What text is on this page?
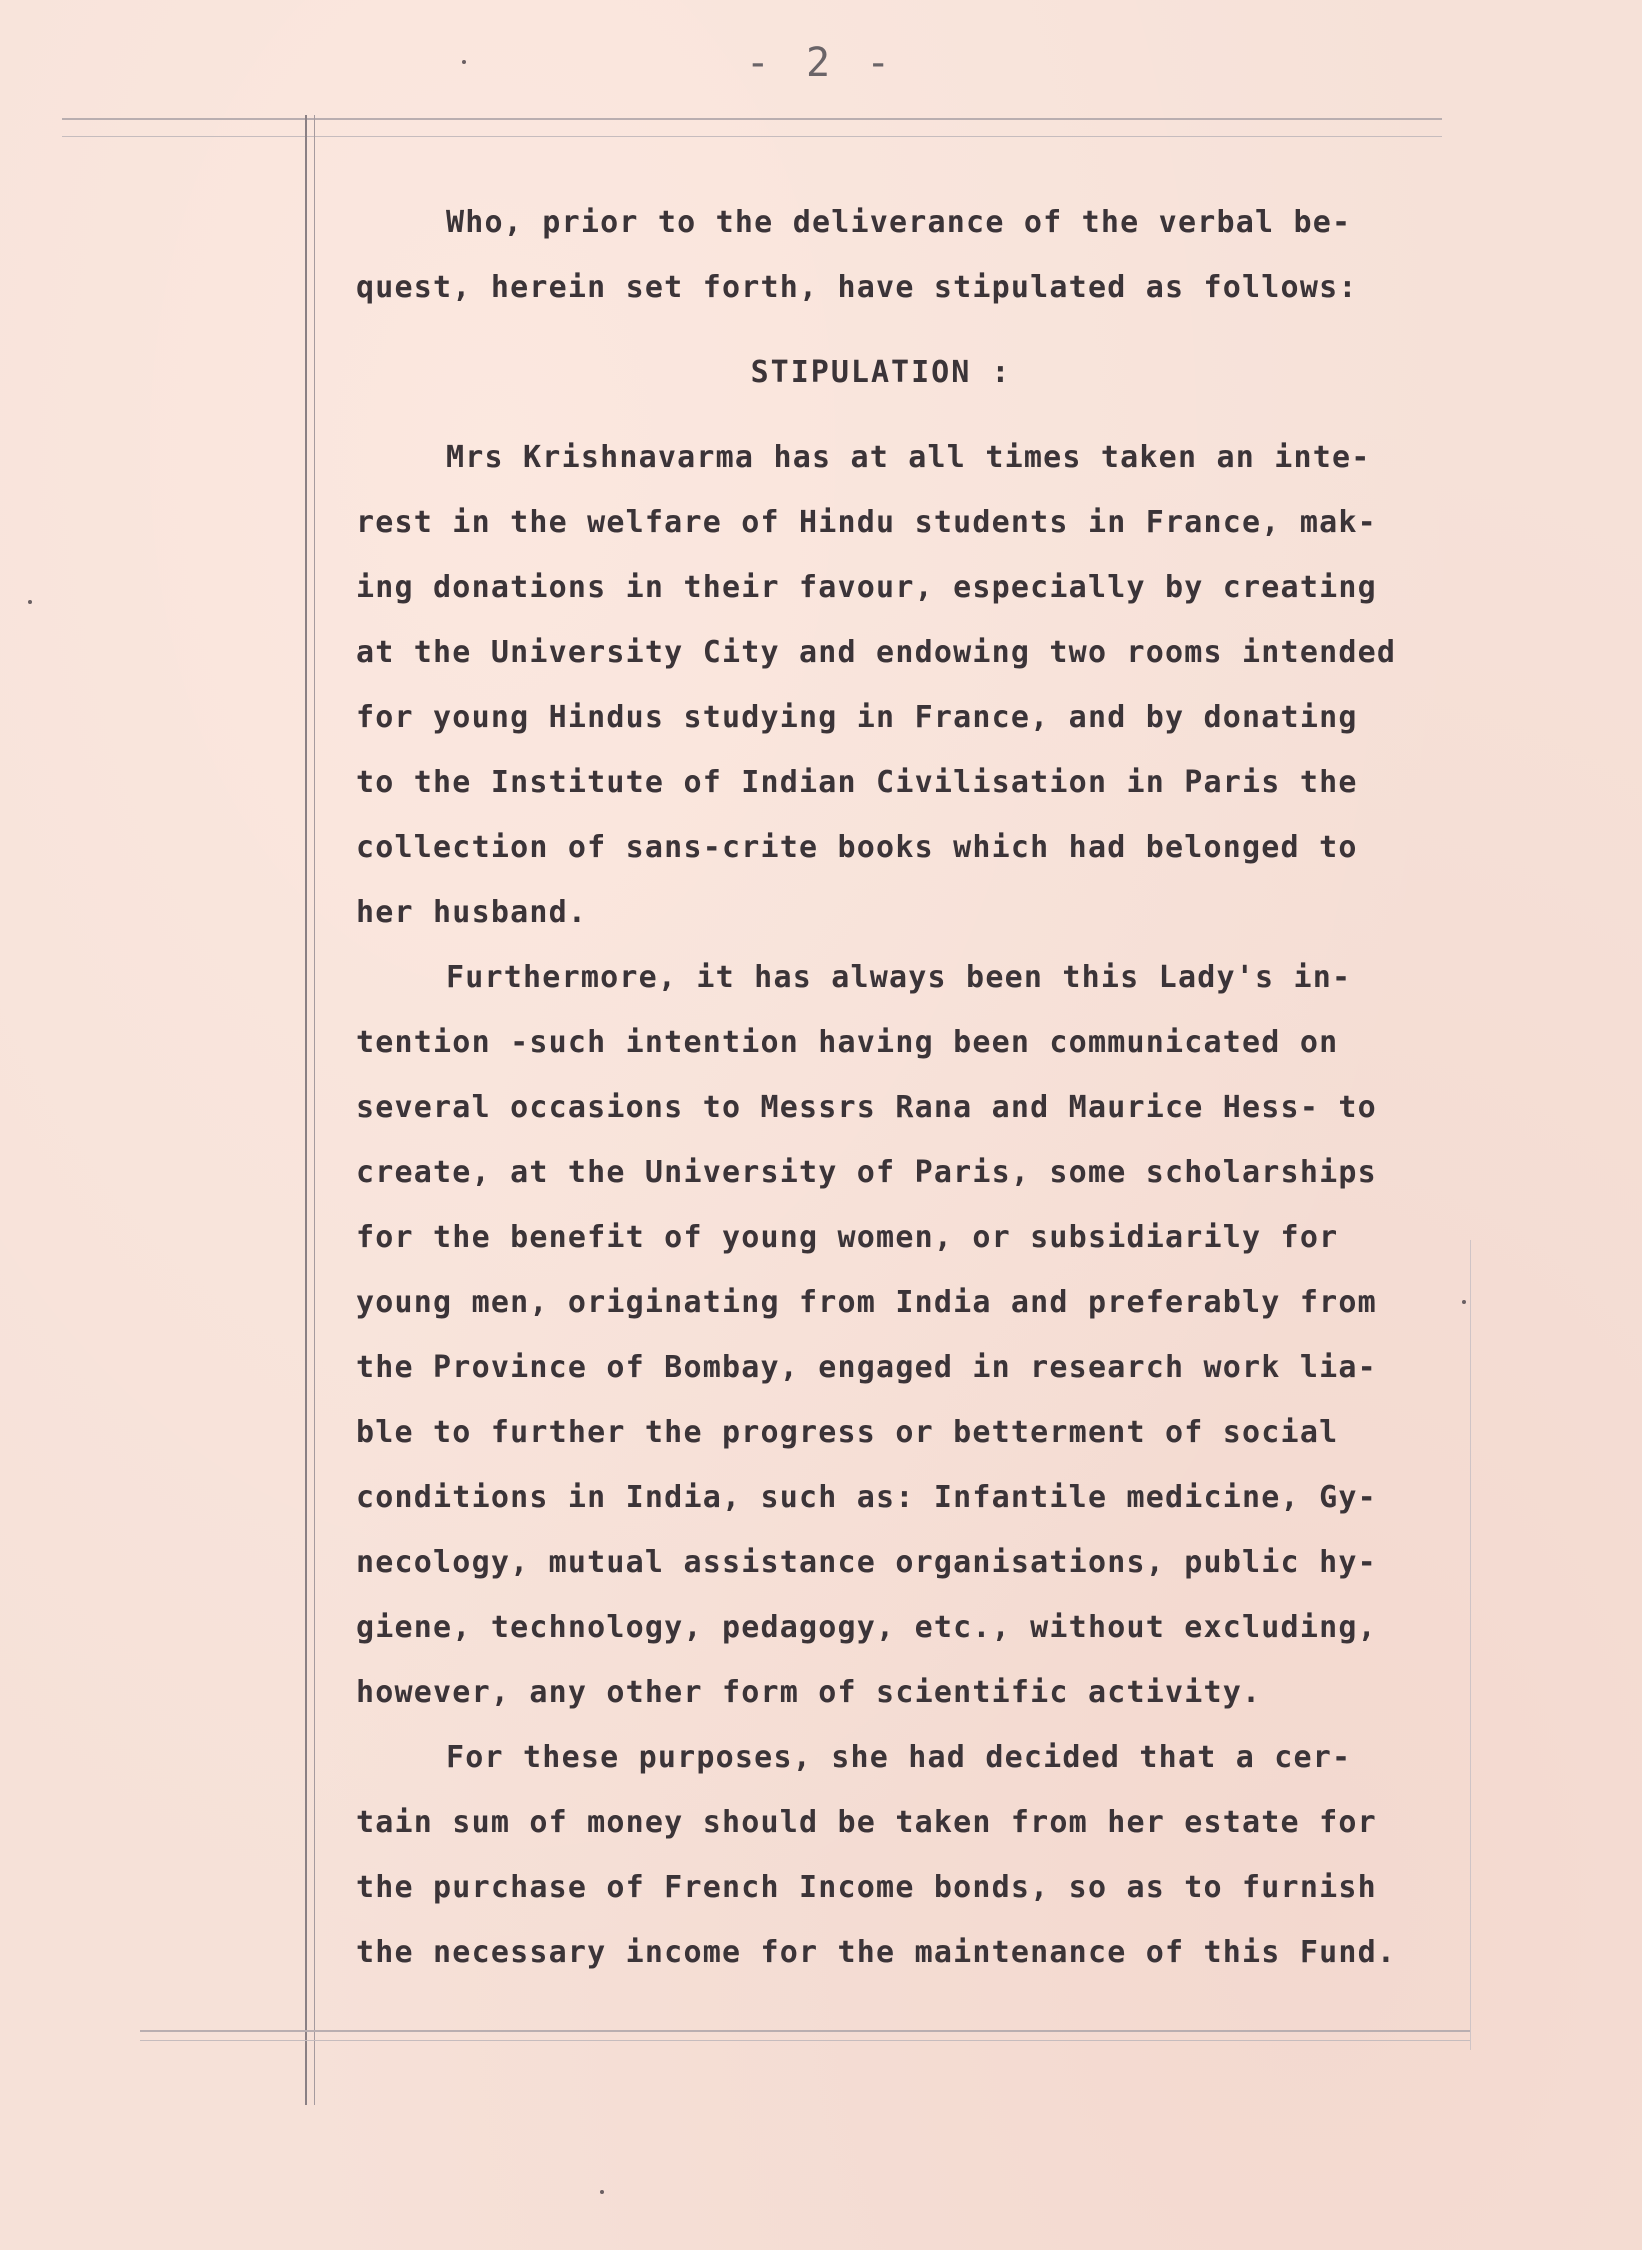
- 2 -
Who, prior to the deliverance of the verbal be-
quest, herein set forth, have stipulated as follows:
STIPULATION :
Mrs Krishnavarma has at all times taken an inte-
rest in the welfare of Hindu students in France, mak-
ing donations in their favour, especially by creating
at the University City and endowing two rooms intended
for young Hindus studying in France, and by donating
to the Institute of Indian Civilisation in Paris the
collection of sans-crite books which had belonged to
her husband.
Furthermore, it has always been this Lady's in-
tention -such intention having been communicated on
several occasions to Messrs Rana and Maurice Hess- to
create, at the University of Paris, some scholarships
for the benefit of young women, or subsidiarily for
young men, originating from India and preferably from
the Province of Bombay, engaged in research work lia-
ble to further the progress or betterment of social
conditions in India, such as: Infantile medicine, Gy-
necology, mutual assistance organisations, public hy-
giene, technology, pedagogy, etc., without excluding,
however, any other form of scientific activity.
For these purposes, she had decided that a cer-
tain sum of money should be taken from her estate for
the purchase of French Income bonds, so as to furnish
the necessary income for the maintenance of this Fund.
